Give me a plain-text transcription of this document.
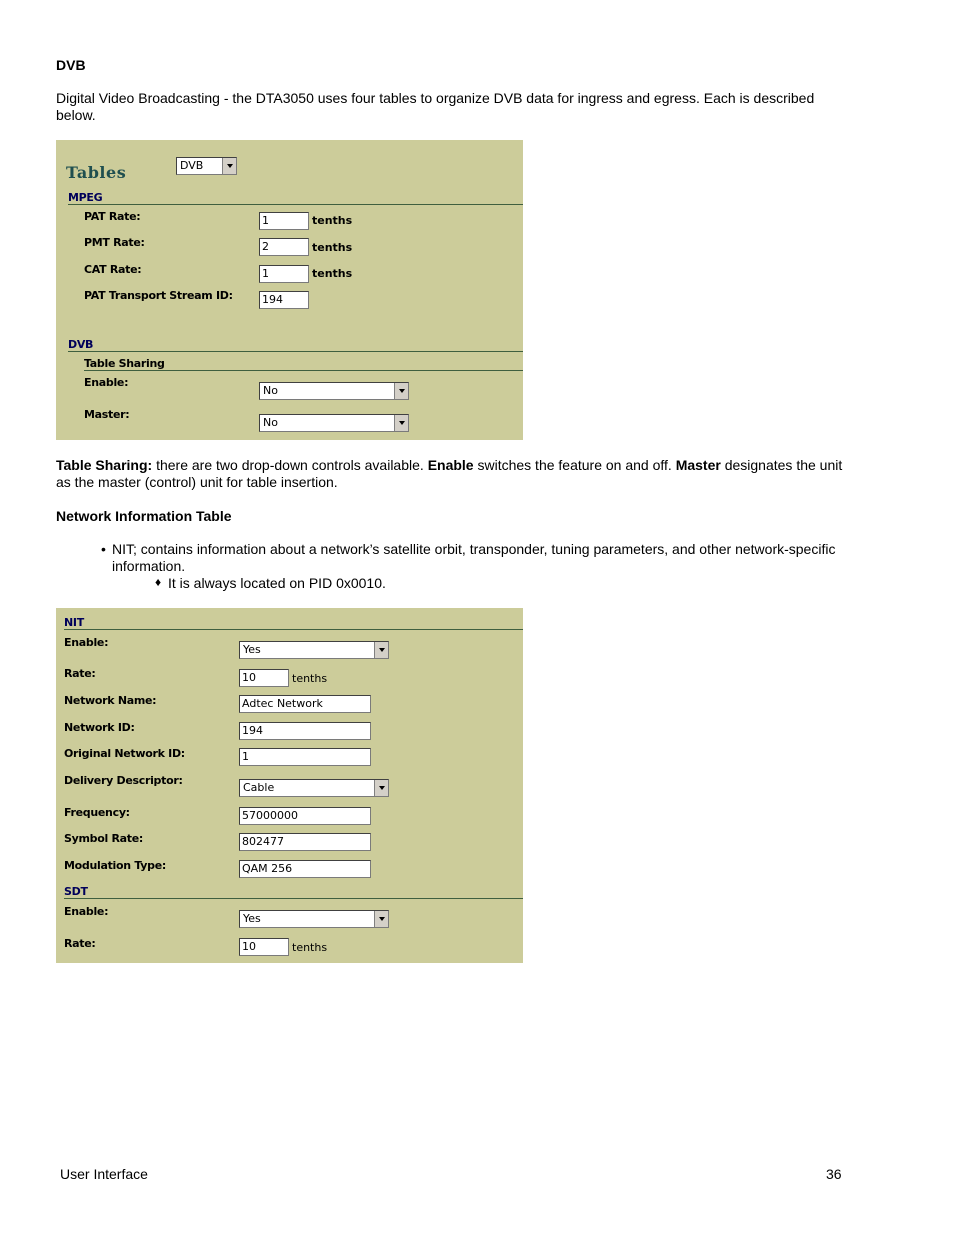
DVB
Digital Video Broadcasting - the DTA3050 uses four tables to organize DVB data for ingress and egress. Each is described below.
Tables	DVB
MPEG
PAT Rate:	1	tenths
PMT Rate:	2	tenths
CAT Rate:	1	tenths
PAT Transport Stream ID:	194
DVB
Table Sharing
Enable:
No
Master:
No
Table Sharing: there are two drop-down controls available. Enable switches the feature on and off. Master designates the unit as the master (control) unit for table insertion.
Network Information Table
• NIT; contains information about a network’s satellite orbit, transponder, tuning parameters, and other network-specific information.
♦ It is always located on PID 0x0010.
NIT
Enable:
Yes
Rate:	10	tenths
Network Name:	Adtec Network
Network ID:	194
Original Network ID:	1
Delivery Descriptor:
Cable
Frequency:	57000000
Symbol Rate:	802477
Modulation Type:	QAM 256
SDT
Enable:
Yes
Rate:	10	tenths
User Interface	36
